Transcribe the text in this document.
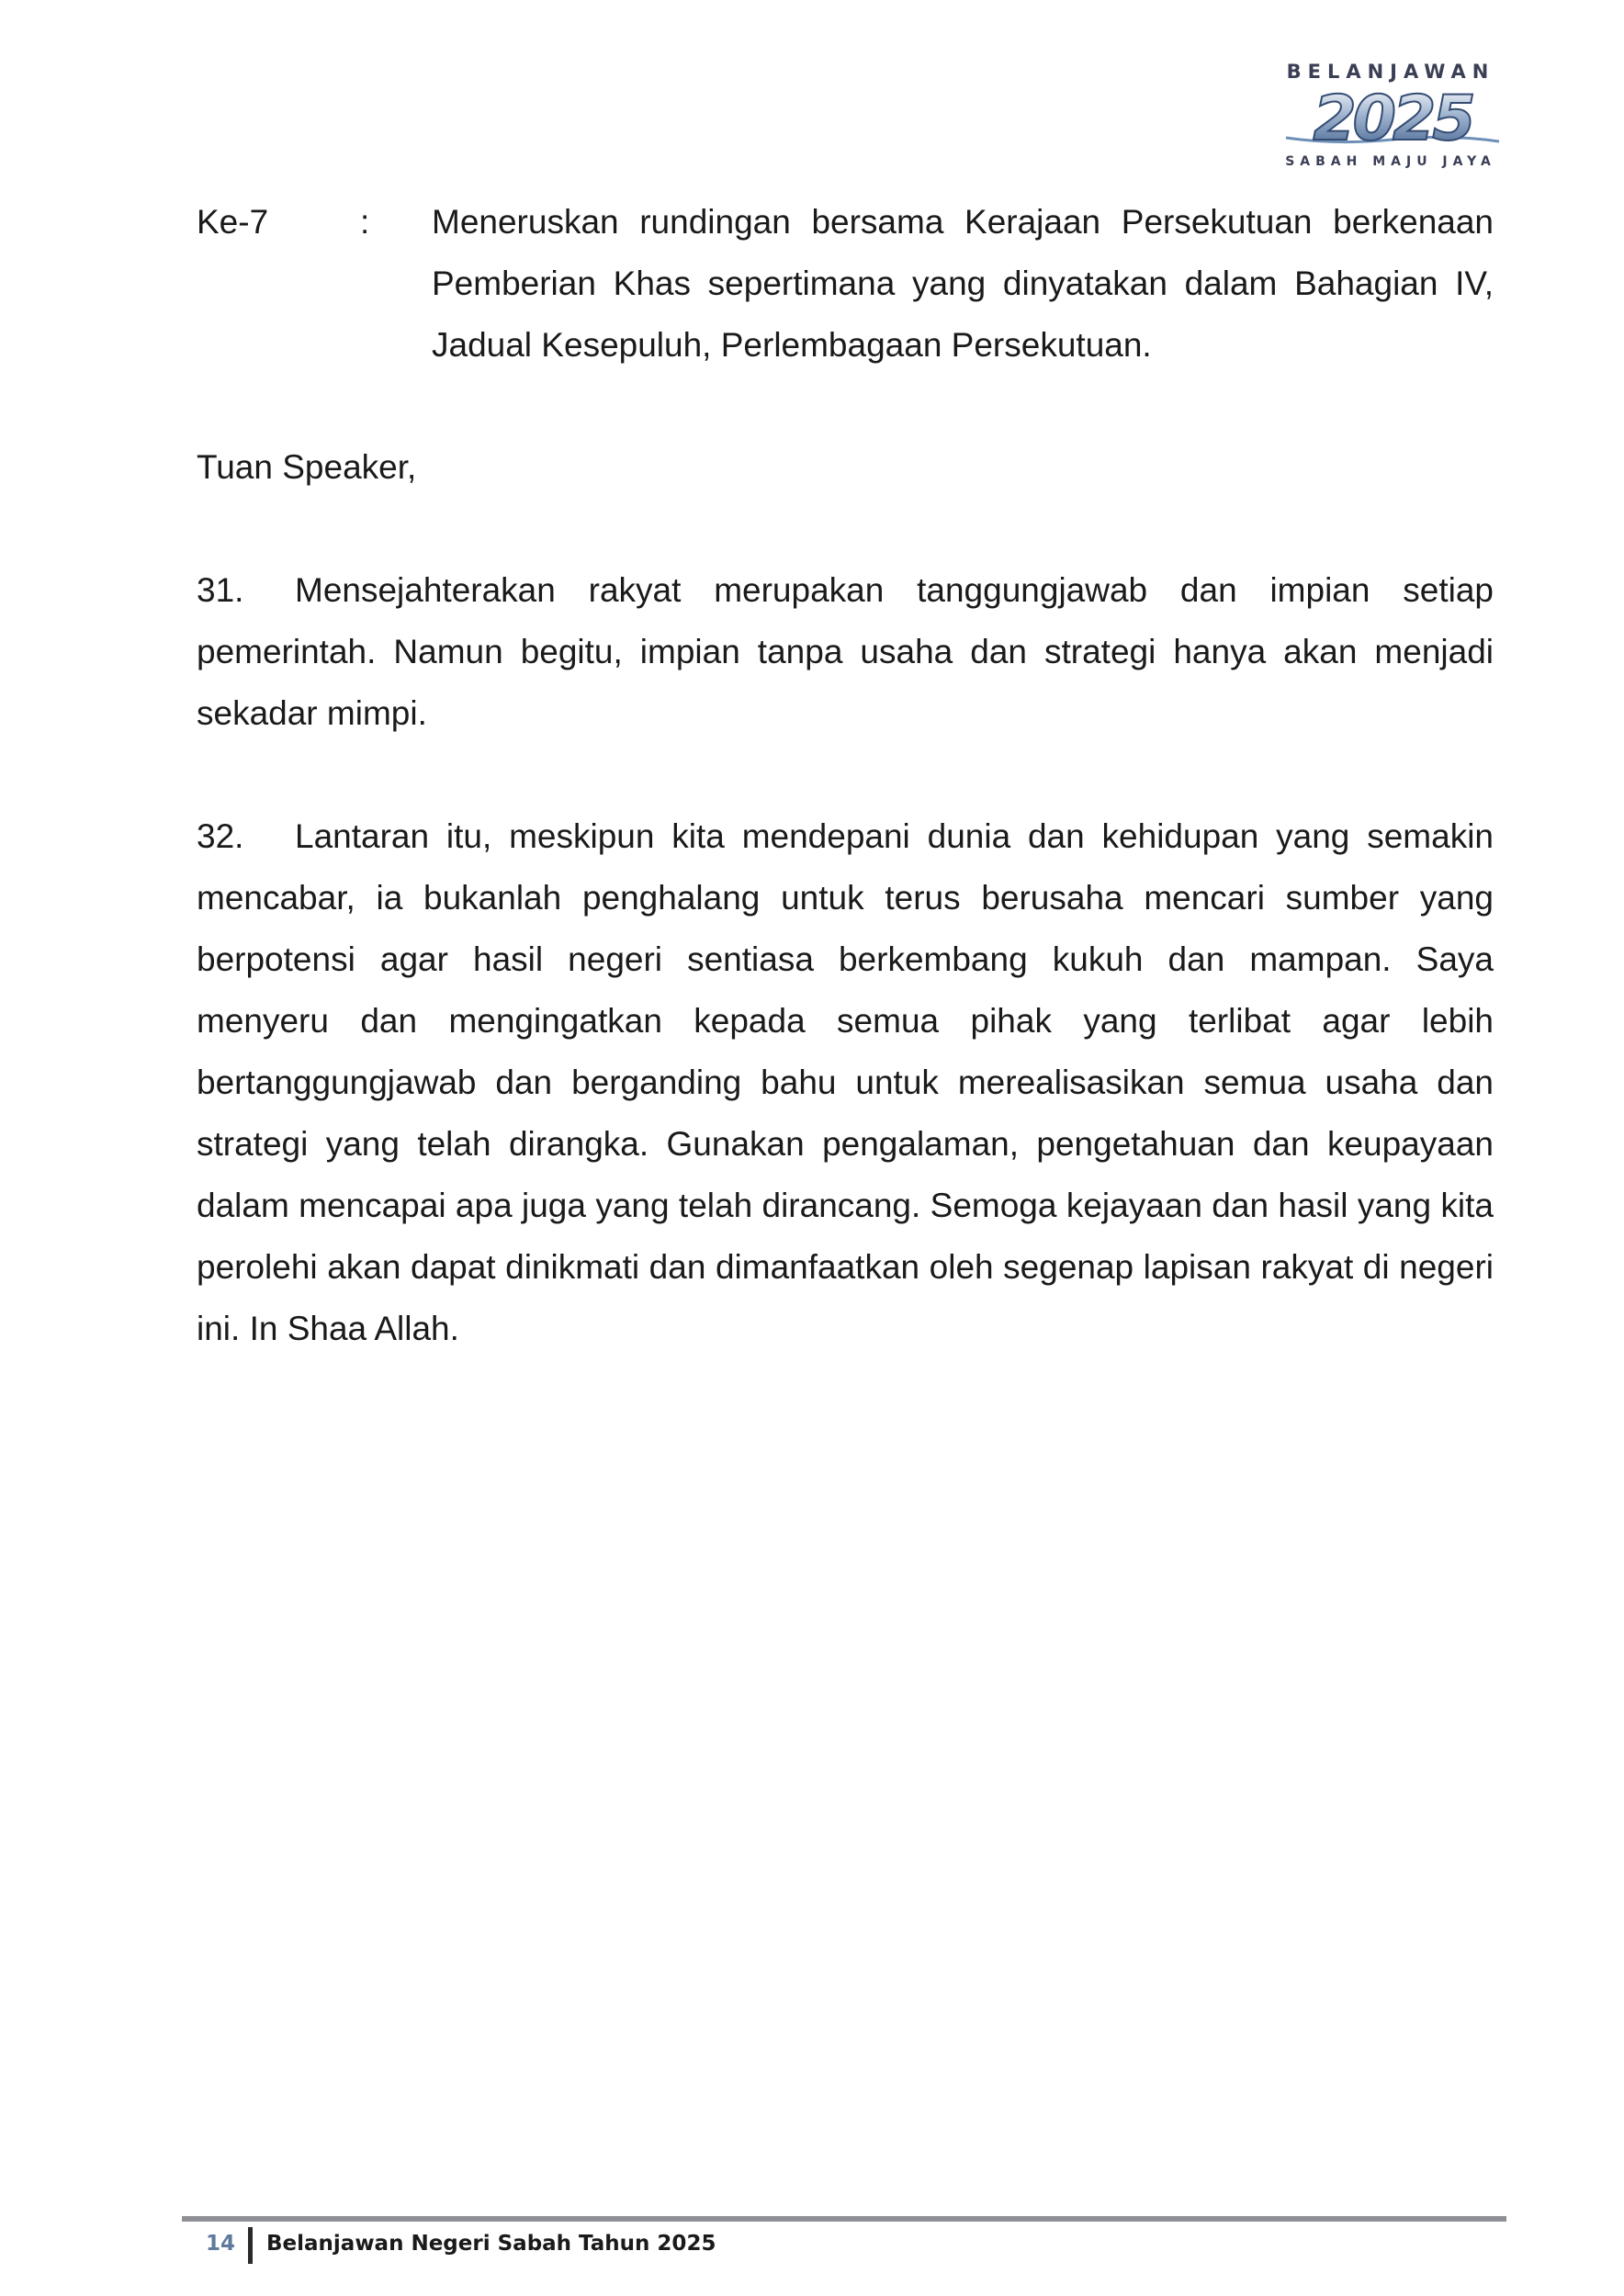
BELANJAWAN
2025
SABAH MAJU JAYA
Ke-7	: Meneruskan rundingan bersama Kerajaan Persekutuan berkenaan Pemberian Khas sepertimana yang dinyatakan dalam Bahagian IV, Jadual Kesepuluh, Perlembagaan Persekutuan.

Tuan Speaker,

31. Mensejahterakan rakyat merupakan tanggungjawab dan impian setiap pemerintah. Namun begitu, impian tanpa usaha dan strategi hanya akan menjadi sekadar mimpi.

32. Lantaran itu, meskipun kita mendepani dunia dan kehidupan yang semakin mencabar, ia bukanlah penghalang untuk terus berusaha mencari sumber yang berpotensi agar hasil negeri sentiasa berkembang kukuh dan mampan. Saya menyeru dan mengingatkan kepada semua pihak yang terlibat agar lebih bertanggungjawab dan berganding bahu untuk merealisasikan semua usaha dan strategi yang telah dirangka. Gunakan pengalaman, pengetahuan dan keupayaan dalam mencapai apa juga yang telah dirancang. Semoga kejayaan dan hasil yang kita perolehi akan dapat dinikmati dan dimanfaatkan oleh segenap lapisan rakyat di negeri ini. In Shaa Allah.

14 Belanjawan Negeri Sabah Tahun 2025
